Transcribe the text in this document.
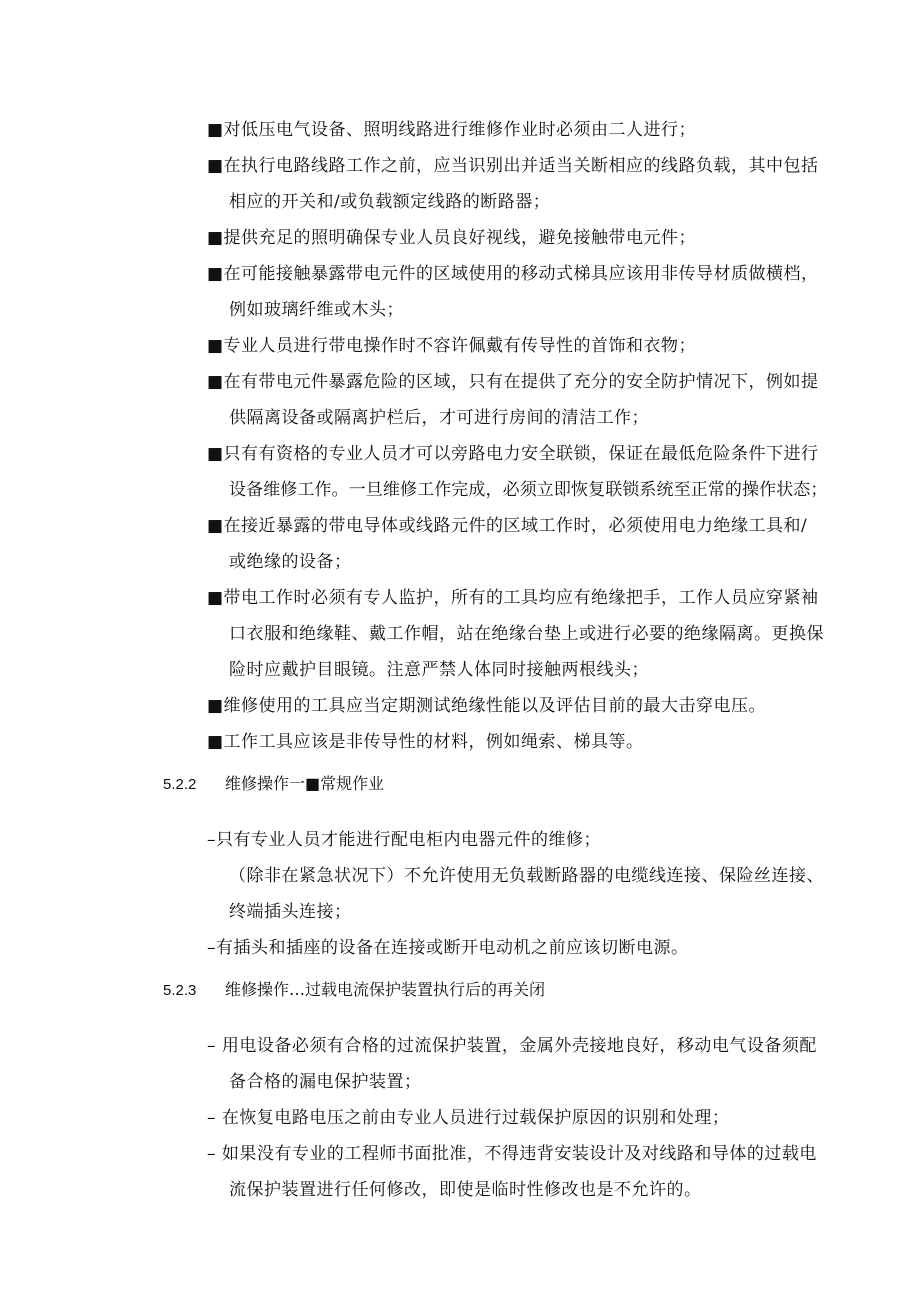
■对低压电气设备、照明线路进行维修作业时必须由二人进行；
■在执行电路线路工作之前，应当识别出并适当关断相应的线路负载，其中包括
相应的开关和/或负载额定线路的断路器；
■提供充足的照明确保专业人员良好视线，避免接触带电元件；
■在可能接触暴露带电元件的区域使用的移动式梯具应该用非传导材质做横档，
例如玻璃纤维或木头；
■专业人员进行带电操作时不容许佩戴有传导性的首饰和衣物；
■在有带电元件暴露危险的区域，只有在提供了充分的安全防护情况下，例如提
供隔离设备或隔离护栏后，才可进行房间的清洁工作；
■只有有资格的专业人员才可以旁路电力安全联锁，保证在最低危险条件下进行
设备维修工作。一旦维修工作完成，必须立即恢复联锁系统至正常的操作状态；
■在接近暴露的带电导体或线路元件的区域工作时，必须使用电力绝缘工具和/
或绝缘的设备；
■带电工作时必须有专人监护，所有的工具均应有绝缘把手，工作人员应穿紧袖
口衣服和绝缘鞋、戴工作帽，站在绝缘台垫上或进行必要的绝缘隔离。更换保
险时应戴护目眼镜。注意严禁人体同时接触两根线头；
■维修使用的工具应当定期测试绝缘性能以及评估目前的最大击穿电压。
■工作工具应该是非传导性的材料，例如绳索、梯具等。
5.2.2 维修操作一■常规作业
–只有专业人员才能进行配电柜内电器元件的维修；
（除非在紧急状况下）不允许使用无负载断路器的电缆线连接、保险丝连接、
终端插头连接；
–有插头和插座的设备在连接或断开电动机之前应该切断电源。
5.2.3 维修操作…过载电流保护装置执行后的再关闭
– 用电设备必须有合格的过流保护装置，金属外壳接地良好，移动电气设备须配
备合格的漏电保护装置；
– 在恢复电路电压之前由专业人员进行过载保护原因的识别和处理；
– 如果没有专业的工程师书面批准，不得违背安装设计及对线路和导体的过载电
流保护装置进行任何修改，即使是临时性修改也是不允许的。
